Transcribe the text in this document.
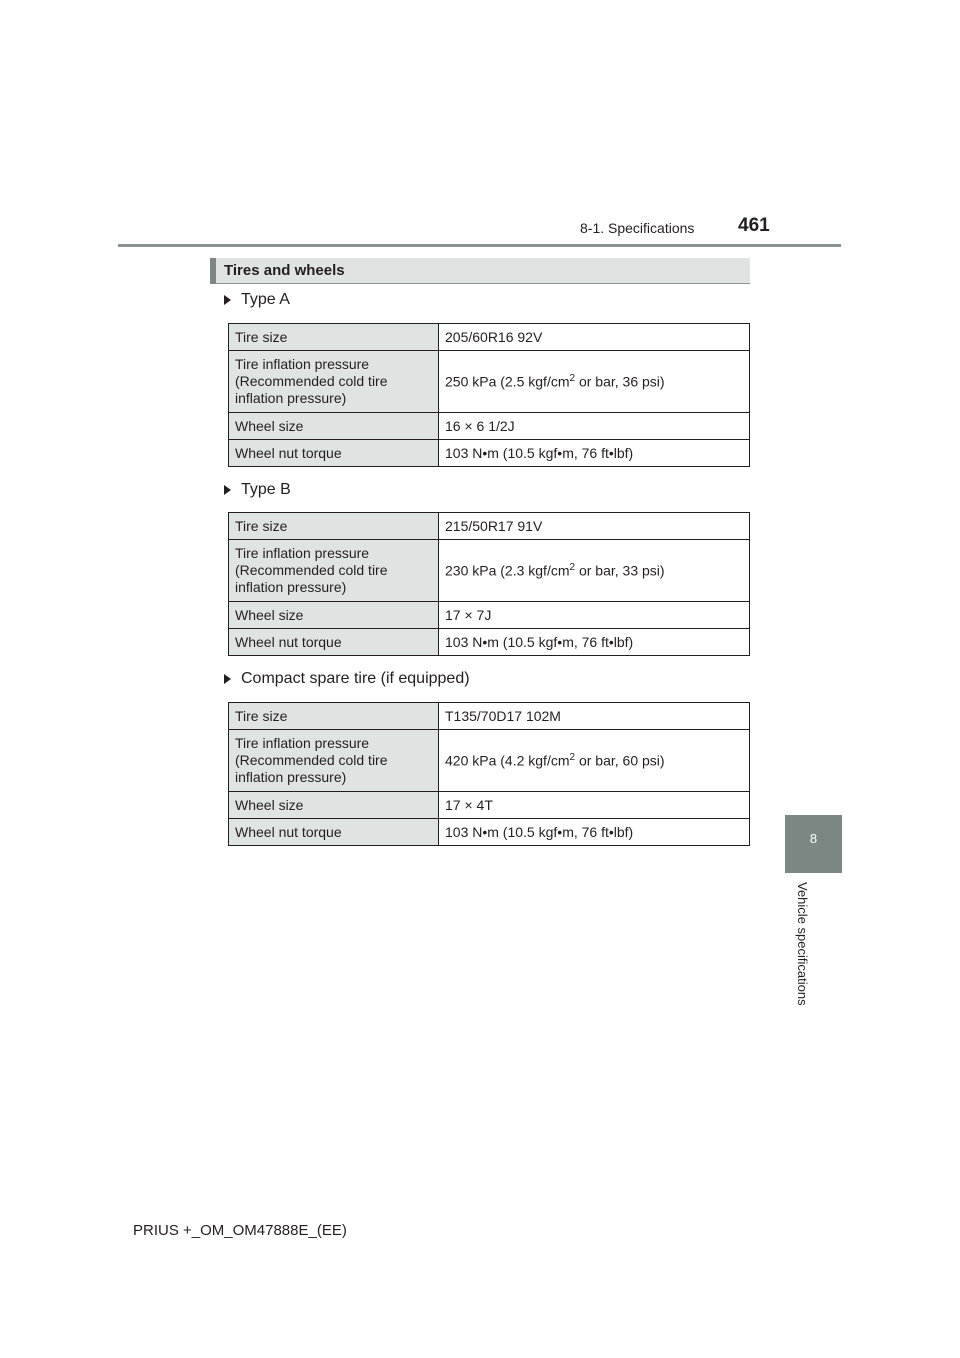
8-1. Specifications 461
8
Vehicle specifications
Tires and wheels
Type A
Tire size	205/60R16 92V
Tire inflation pressure
(Recommended cold tire
inflation pressure)	250 kPa (2.5 kgf/$cm^2$ or bar, 36 psi)
Wheel size	16 × 6 1/2J
Wheel nut torque	103 N•m (10.5 kgf•m, 76 ft•lbf)
Type B
Tire size	215/50R17 91V
Tire inflation pressure
(Recommended cold tire
inflation pressure)	230 kPa (2.3 kgf/$cm^2$ or bar, 33 psi)
Wheel size	17 × 7J
Wheel nut torque	103 N•m (10.5 kgf•m, 76 ft•lbf)
Compact spare tire (if equipped)
Tire size	T135/70D17 102M
Tire inflation pressure
(Recommended cold tire
inflation pressure)	420 kPa (4.2 kgf/$cm^2$ or bar, 60 psi)
Wheel size	17 × 4T
Wheel nut torque	103 N•m (10.5 kgf•m, 76 ft•lbf)
PRIUS +_OM_OM47888E_(EE)
